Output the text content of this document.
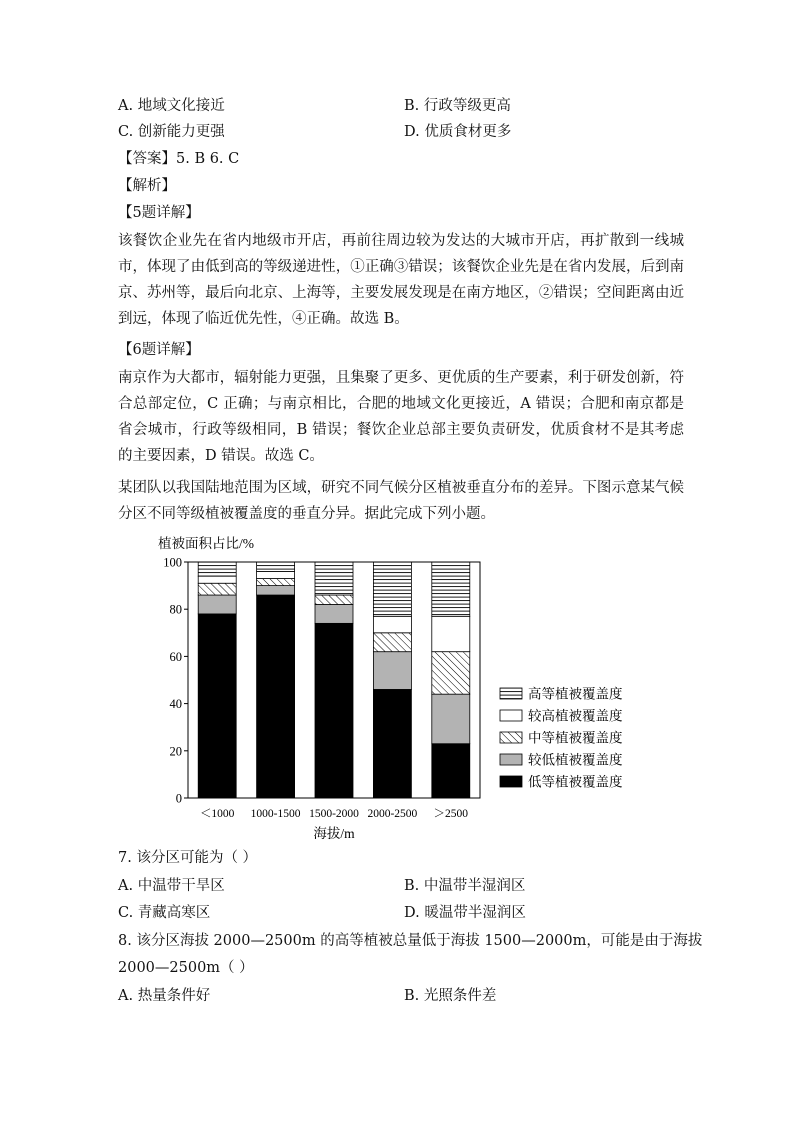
A. 地域文化接近	B. 行政等级更高
C. 创新能力更强	D. 优质食材更多
【答案】5. B 6. C
【解析】
【5题详解】
该餐饮企业先在省内地级市开店，再前往周边较为发达的大城市开店，再扩散到一线城市，体现了由低到高的等级递进性，①正确③错误；该餐饮企业先是在省内发展，后到南京、苏州等，最后向北京、上海等，主要发展发现是在南方地区，②错误；空间距离由近到远，体现了临近优先性，④正确。故选 B。
【6题详解】
南京作为大都市，辐射能力更强，且集聚了更多、更优质的生产要素，利于研发创新，符合总部定位，C 正确；与南京相比，合肥的地域文化更接近，A 错误；合肥和南京都是省会城市，行政等级相同，B 错误；餐饮企业总部主要负责研发，优质食材不是其考虑的主要因素，D 错误。故选 C。
某团队以我国陆地范围为区域，研究不同气候分区植被垂直分布的差异。下图示意某气候分区不同等级植被覆盖度的垂直分异。据此完成下列小题。
植被面积占比/%
0
20
40
60
80
100
＜1000 1000-1500 1500-2000 2000-2500 ＞2500
海拔/m
高等植被覆盖度
较高植被覆盖度
中等植被覆盖度
较低植被覆盖度
低等植被覆盖度
7. 该分区可能为（ ）
A. 中温带干旱区	B. 中温带半湿润区
C. 青藏高寒区	D. 暖温带半湿润区
8. 该分区海拔 2000—2500m 的高等植被总量低于海拔 1500—2000m，可能是由于海拔
2000—2500m（ ）
A. 热量条件好	B. 光照条件差
